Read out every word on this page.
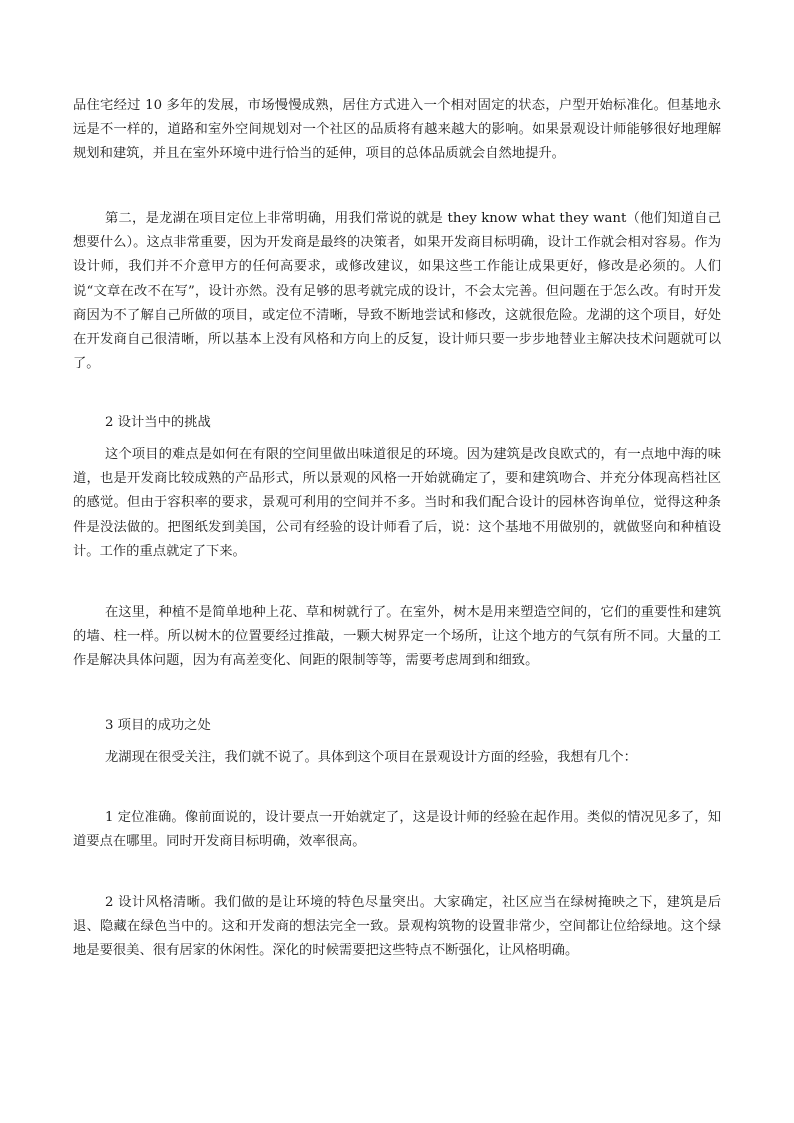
品住宅经过 10 多年的发展，市场慢慢成熟，居住方式进入一个相对固定的状态，户型开始标准化。但基地永远是不一样的，道路和室外空间规划对一个社区的品质将有越来越大的影响。如果景观设计师能够很好地理解规划和建筑，并且在室外环境中进行恰当的延伸，项目的总体品质就会自然地提升。

第二，是龙湖在项目定位上非常明确，用我们常说的就是 they know what they want（他们知道自己想要什么）。这点非常重要，因为开发商是最终的决策者，如果开发商目标明确，设计工作就会相对容易。作为设计师，我们并不介意甲方的任何高要求，或修改建议，如果这些工作能让成果更好，修改是必须的。人们说“文章在改不在写”，设计亦然。没有足够的思考就完成的设计，不会太完善。但问题在于怎么改。有时开发商因为不了解自己所做的项目，或定位不清晰，导致不断地尝试和修改，这就很危险。龙湖的这个项目，好处在开发商自己很清晰，所以基本上没有风格和方向上的反复，设计师只要一步步地替业主解决技术问题就可以了。

2 设计当中的挑战

这个项目的难点是如何在有限的空间里做出味道很足的环境。因为建筑是改良欧式的，有一点地中海的味道，也是开发商比较成熟的产品形式，所以景观的风格一开始就确定了，要和建筑吻合、并充分体现高档社区的感觉。但由于容积率的要求，景观可利用的空间并不多。当时和我们配合设计的园林咨询单位，觉得这种条件是没法做的。把图纸发到美国，公司有经验的设计师看了后，说：这个基地不用做别的，就做竖向和种植设计。工作的重点就定了下来。

在这里，种植不是简单地种上花、草和树就行了。在室外，树木是用来塑造空间的，它们的重要性和建筑的墙、柱一样。所以树木的位置要经过推敲，一颗大树界定一个场所，让这个地方的气氛有所不同。大量的工作是解决具体问题，因为有高差变化、间距的限制等等，需要考虑周到和细致。

3 项目的成功之处

龙湖现在很受关注，我们就不说了。具体到这个项目在景观设计方面的经验，我想有几个：

1 定位准确。像前面说的，设计要点一开始就定了，这是设计师的经验在起作用。类似的情况见多了，知道要点在哪里。同时开发商目标明确，效率很高。

2 设计风格清晰。我们做的是让环境的特色尽量突出。大家确定，社区应当在绿树掩映之下，建筑是后退、隐藏在绿色当中的。这和开发商的想法完全一致。景观构筑物的设置非常少，空间都让位给绿地。这个绿地是要很美、很有居家的休闲性。深化的时候需要把这些特点不断强化，让风格明确。
